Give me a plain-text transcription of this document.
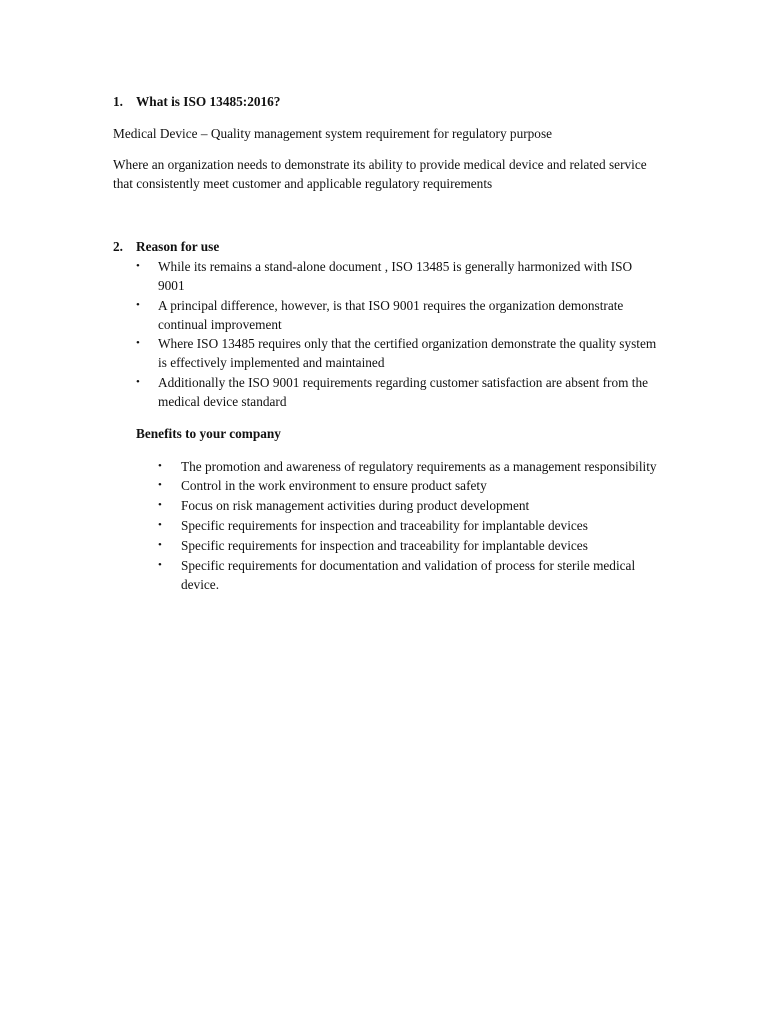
1. What is ISO 13485:2016?
Medical Device – Quality management system requirement for regulatory purpose
Where an organization needs to demonstrate its ability to provide medical device and related service
that consistently meet customer and applicable regulatory requirements
2. Reason for use
• While its remains a stand-alone document , ISO 13485 is generally harmonized with ISO
9001
• A principal difference, however, is that ISO 9001 requires the organization demonstrate
continual improvement
• Where ISO 13485 requires only that the certified organization demonstrate the quality system
is effectively implemented and maintained
• Additionally the ISO 9001 requirements regarding customer satisfaction are absent from the
medical device standard
Benefits to your company
• The promotion and awareness of regulatory requirements as a management responsibility
• Control in the work environment to ensure product safety
• Focus on risk management activities during product development
• Specific requirements for inspection and traceability for implantable devices
• Specific requirements for inspection and traceability for implantable devices
• Specific requirements for documentation and validation of process for sterile medical
device.
